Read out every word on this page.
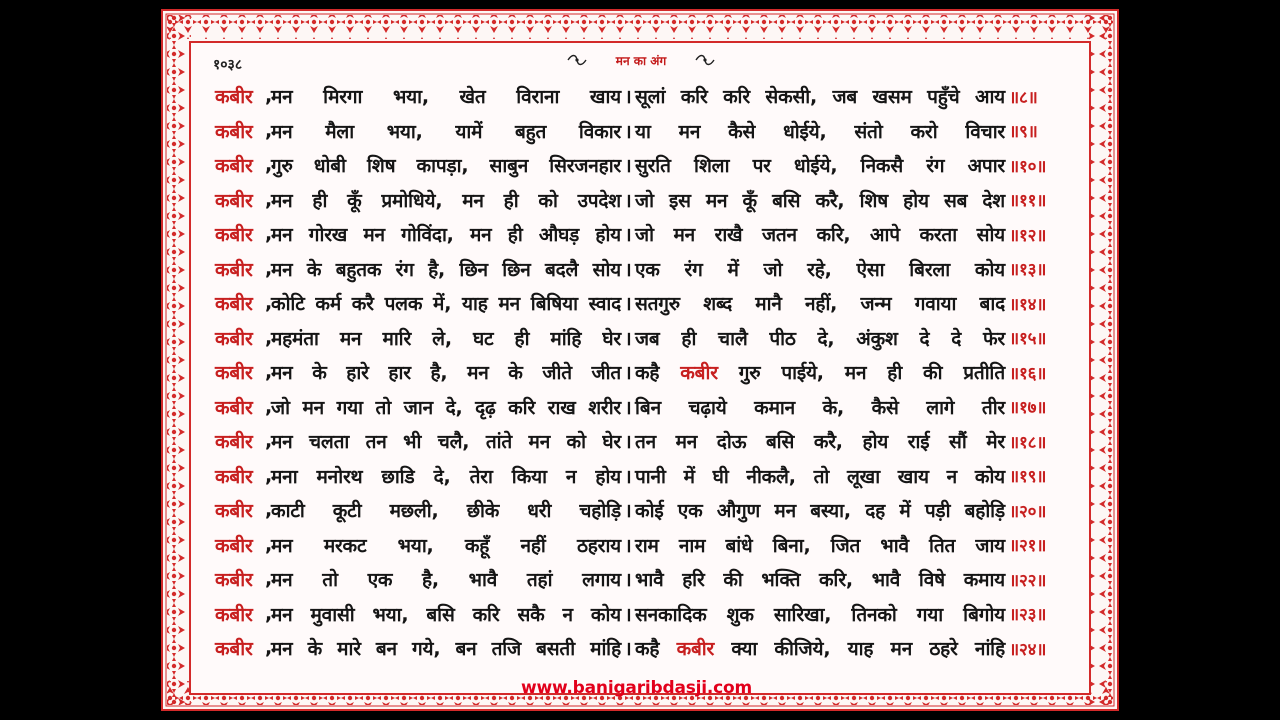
१०३८	मन का अंग
कबीर ,
मन मिरगा भया, खेत विराना खाय । सूलां करि करि सेकसी, जब खसम पहुँचे आय ॥८॥
कबीर ,
मन मैला भया, यामें बहुत विकार । या मन कैसे धोईये, संतो करो विचार ॥९॥
कबीर ,
गुरु धोबी शिष कापड़ा, साबुन सिरजनहार । सुरति शिला पर धोईये, निकसै रंग अपार ॥१०॥
कबीर ,
मन ही कूँ प्रमोधिये, मन ही को उपदेश । जो इस मन कूँ बसि करै, शिष होय सब देश ॥११॥
कबीर ,
मन गोरख मन गोविंदा, मन ही औघड़ होय । जो मन राखै जतन करि, आपे करता सोय ॥१२॥
कबीर ,
मन के बहुतक रंग है, छिन छिन बदलै सोय । एक रंग में जो रहे, ऐसा बिरला कोय ॥१३॥
कबीर ,
कोटि कर्म करै पलक में, याह मन बिषिया स्वाद । सतगुरु शब्द मानै नहीं, जन्म गवाया बाद ॥१४॥
कबीर ,
महमंता मन मारि ले, घट ही मांहि घेर । जब ही चालै पीठ दे, अंकुश दे दे फेर ॥१५॥
कबीर ,
मन के हारे हार है, मन के जीते जीत । कहै कबीर गुरु पाईये, मन ही की प्रतीति ॥१६॥
कबीर ,
जो मन गया तो जान दे, दृढ़ करि राख शरीर । बिन चढ़ाये कमान के, कैसे लागे तीर ॥१७॥
कबीर ,
मन चलता तन भी चलै, तांते मन को घेर । तन मन दोऊ बसि करै, होय राई सौं मेर ॥१८॥
कबीर ,
मना मनोरथ छाडि दे, तेरा किया न होय । पानी में घी नीकलै, तो लूखा खाय न कोय ॥१९॥
कबीर ,
काटी कूटी मछली, छीके धरी चहोड़ि । कोई एक औगुण मन बस्या, दह में पड़ी बहोड़ि ॥२०॥
कबीर ,
मन मरकट भया, कहूँ नहीं ठहराय । राम नाम बांधे बिना, जित भावै तित जाय ॥२१॥
कबीर ,
मन तो एक है, भावै तहां लगाय । भावै हरि की भक्ति करि, भावै विषे कमाय ॥२२॥
कबीर ,
मन मुवासी भया, बसि करि सकै न कोय । सनकादिक शुक सारिखा, तिनको गया बिगोय ॥२३॥
कबीर ,
मन के मारे बन गये, बन तजि बसती मांहि । कहै कबीर क्या कीजिये, याह मन ठहरे नांहि ॥२४॥
www.banigaribdasji.com
